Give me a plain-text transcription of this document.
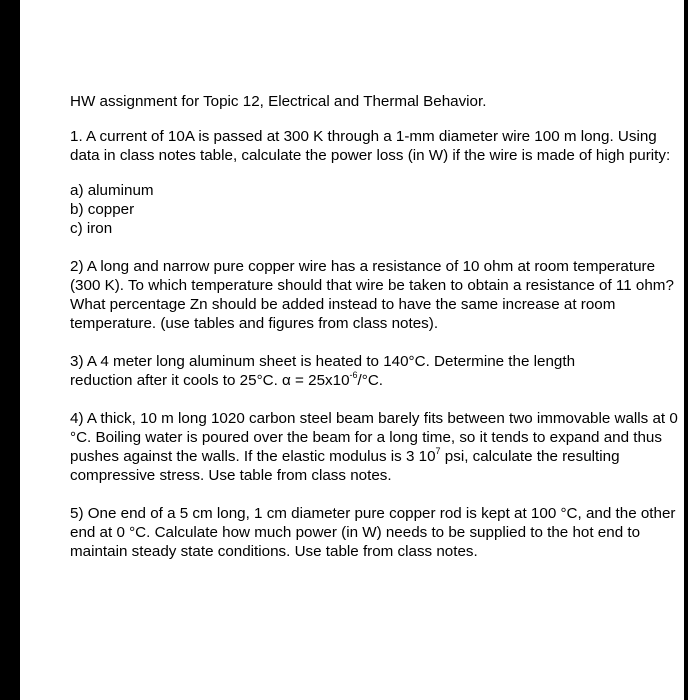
HW assignment for Topic 12, Electrical and Thermal Behavior.

1. A current of 10A is passed at 300 K through a 1-mm diameter wire 100 m long. Using data in class notes table, calculate the power loss (in W) if the wire is made of high purity:

a) aluminum
b) copper
c) iron

2) A long and narrow pure copper wire has a resistance of 10 ohm at room temperature (300 K). To which temperature should that wire be taken to obtain a resistance of 11 ohm? What percentage Zn should be added instead to have the same increase at room temperature. (use tables and figures from class notes).

3) A 4 meter long aluminum sheet is heated to 140°C. Determine the length
reduction after it cools to 25°C. $\alpha = 25x10^{-6}/^\circ C$.

4) A thick, 10 m long 1020 carbon steel beam barely fits between two immovable walls at 0 °C. Boiling water is poured over the beam for a long time, so it tends to expand and thus pushes against the walls. If the elastic modulus is 3 $10^7$ psi, calculate the resulting compressive stress. Use table from class notes.

5) One end of a 5 cm long, 1 cm diameter pure copper rod is kept at 100 °C, and the other end at 0 °C. Calculate how much power (in W) needs to be supplied to the hot end to maintain steady state conditions. Use table from class notes.
